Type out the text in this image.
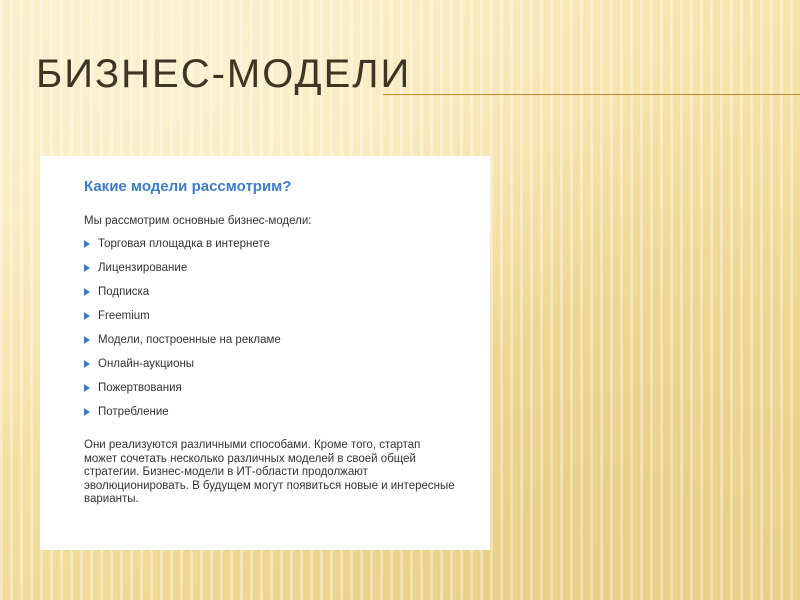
БИЗНЕС-МОДЕЛИ
Какие модели рассмотрим?

Мы рассмотрим основные бизнес-модели:

Торговая площадка в интернете
Лицензирование
Подписка
Freemium
Модели, построенные на рекламе
Онлайн-аукционы
Пожертвования
Потребление

Они реализуются различными способами. Кроме того, стартап может сочетать несколько различных моделей в своей общей стратегии. Бизнес-модели в ИТ-области продолжают эволюционировать. В будущем могут появиться новые и интересные варианты.
